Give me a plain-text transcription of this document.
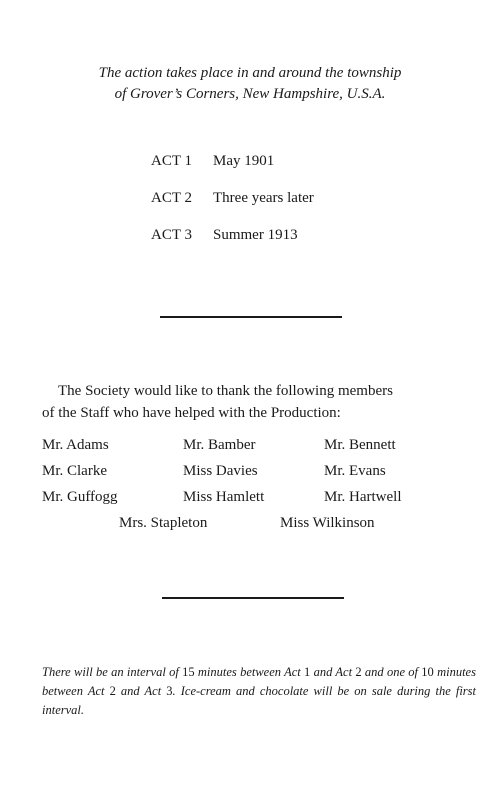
The action takes place in and around the township
of Grover’s Corners, New Hampshire, U.S.A.
ACT 1 May 1901
ACT 2 Three years later
ACT 3 Summer 1913
The Society would like to thank the following members
of the Staff who have helped with the Production:
Mr. Adams	Mr. Bamber	Mr. Bennett
Mr. Clarke	Miss Davies	Mr. Evans
Mr. Guffogg	Miss Hamlett	Mr. Hartwell
Mrs. Stapleton	Miss Wilkinson
There will be an interval of 15 minutes between Act 1 and Act 2 and one of 10 minutes between Act 2 and Act 3. Ice-cream and chocolate will be on sale during the first interval.
